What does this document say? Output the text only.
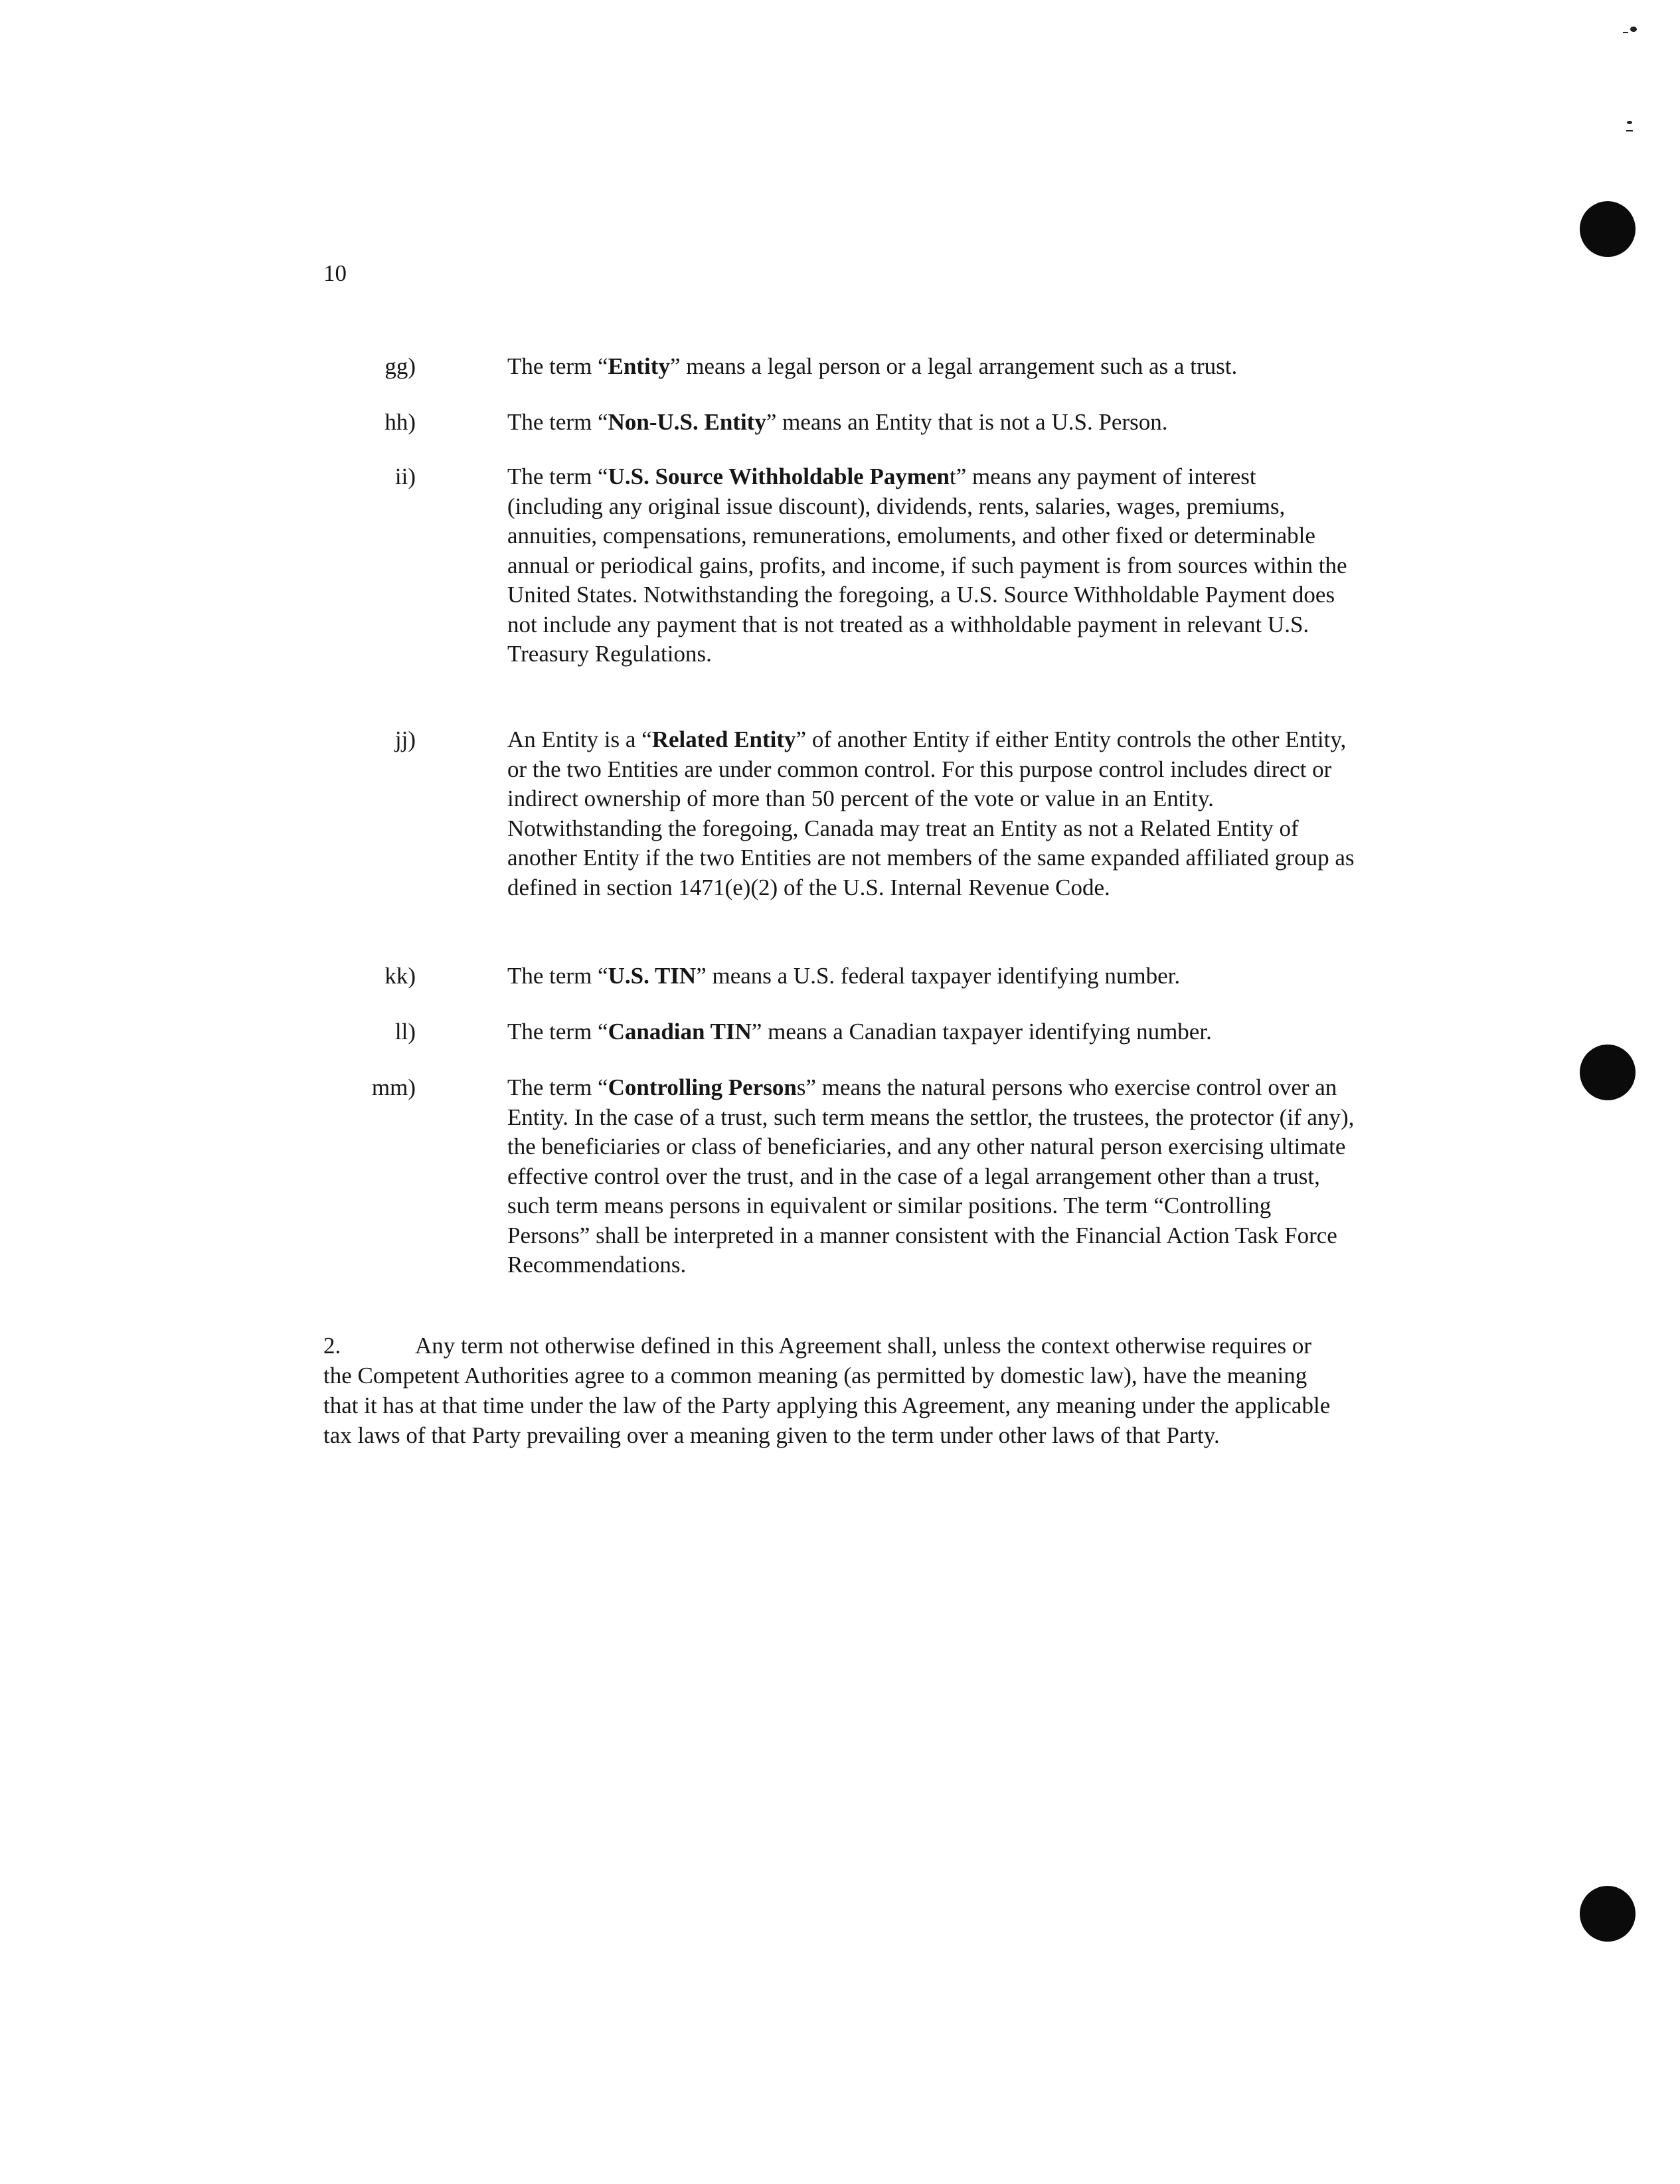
10
gg)	The term “Entity” means a legal person or a legal arrangement such as a trust.
hh)	The term “Non-U.S. Entity” means an Entity that is not a U.S. Person.
ii)	The term “U.S. Source Withholdable Payment” means any payment of interest (including any original issue discount), dividends, rents, salaries, wages, premiums, annuities, compensations, remunerations, emoluments, and other fixed or determinable annual or periodical gains, profits, and income, if such payment is from sources within the United States. Notwithstanding the foregoing, a U.S. Source Withholdable Payment does not include any payment that is not treated as a withholdable payment in relevant U.S. Treasury Regulations.
jj)	An Entity is a “Related Entity” of another Entity if either Entity controls the other Entity, or the two Entities are under common control. For this purpose control includes direct or indirect ownership of more than 50 percent of the vote or value in an Entity. Notwithstanding the foregoing, Canada may treat an Entity as not a Related Entity of another Entity if the two Entities are not members of the same expanded affiliated group as defined in section 1471(e)(2) of the U.S. Internal Revenue Code.
kk)	The term “U.S. TIN” means a U.S. federal taxpayer identifying number.
ll)	The term “Canadian TIN” means a Canadian taxpayer identifying number.
mm)	The term “Controlling Persons” means the natural persons who exercise control over an Entity. In the case of a trust, such term means the settlor, the trustees, the protector (if any), the beneficiaries or class of beneficiaries, and any other natural person exercising ultimate effective control over the trust, and in the case of a legal arrangement other than a trust, such term means persons in equivalent or similar positions. The term “Controlling Persons” shall be interpreted in a manner consistent with the Financial Action Task Force Recommendations.
2.	Any term not otherwise defined in this Agreement shall, unless the context otherwise requires or the Competent Authorities agree to a common meaning (as permitted by domestic law), have the meaning that it has at that time under the law of the Party applying this Agreement, any meaning under the applicable tax laws of that Party prevailing over a meaning given to the term under other laws of that Party.
